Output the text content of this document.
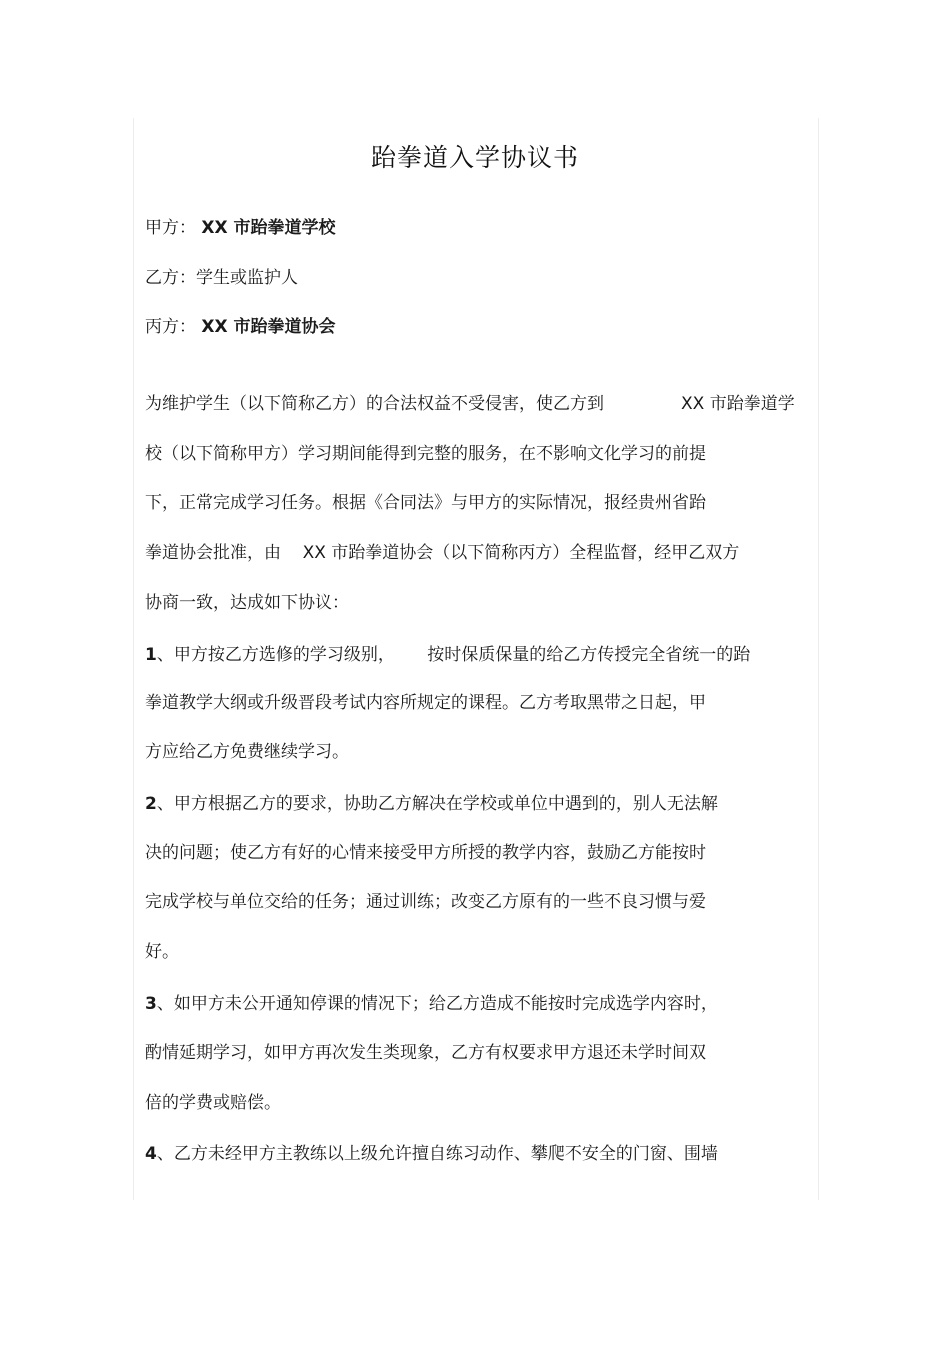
跆拳道入学协议书
甲方： XX 市跆拳道学校
乙方：学生或监护人
丙方： XX 市跆拳道协会
为维护学生（以下简称乙方）的合法权益不受侵害，使乙方到	XX 市跆拳道学
校（以下简称甲方）学习期间能得到完整的服务，在不影响文化学习的前提
下，正常完成学习任务。根据《合同法》与甲方的实际情况，报经贵州省跆
拳道协会批准，由    XX 市跆拳道协会（以下简称丙方）全程监督，经甲乙双方
协商一致，达成如下协议：
1、甲方按乙方选修的学习级别，      按时保质保量的给乙方传授完全省统一的跆
拳道教学大纲或升级晋段考试内容所规定的课程。乙方考取黑带之日起，甲
方应给乙方免费继续学习。
2、甲方根据乙方的要求，协助乙方解决在学校或单位中遇到的，别人无法解
决的问题；使乙方有好的心情来接受甲方所授的教学内容，鼓励乙方能按时
完成学校与单位交给的任务；通过训练；改变乙方原有的一些不良习惯与爱
好。
3、如甲方未公开通知停课的情况下；给乙方造成不能按时完成选学内容时，
酌情延期学习，如甲方再次发生类现象，乙方有权要求甲方退还未学时间双
倍的学费或赔偿。
4、乙方未经甲方主教练以上级允许擅自练习动作、攀爬不安全的门窗、围墙
